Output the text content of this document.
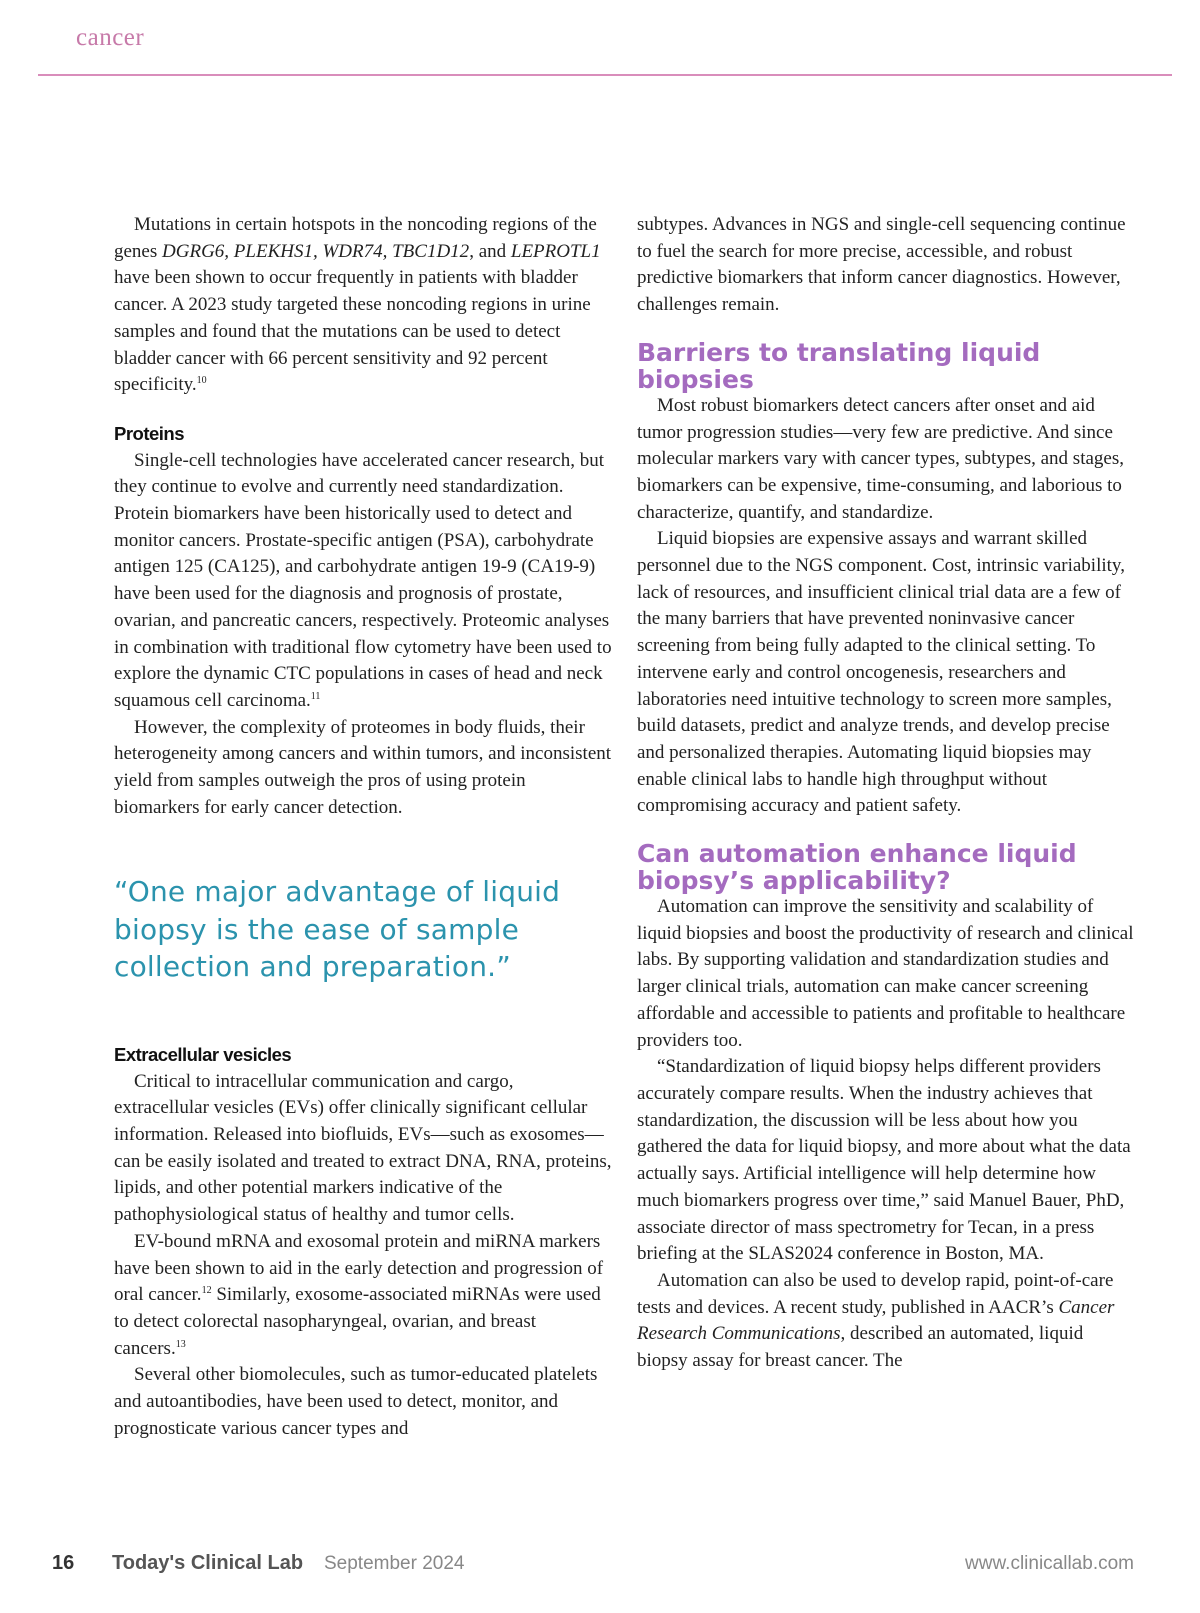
cancer

Mutations in certain hotspots in the noncoding regions of the genes DGRG6, PLEKHS1, WDR74, TBC1D12, and LEPROTL1 have been shown to occur frequently in patients with bladder cancer. A 2023 study targeted these noncoding regions in urine samples and found that the mutations can be used to detect bladder cancer with 66 percent sensitivity and 92 percent specificity.$^{10}$

Proteins

Single-cell technologies have accelerated cancer research, but they continue to evolve and currently need standardization. Protein biomarkers have been historically used to detect and monitor cancers. Prostate-specific antigen (PSA), carbohydrate antigen 125 (CA125), and carbohydrate antigen 19-9 (CA19-9) have been used for the diagnosis and prognosis of prostate, ovarian, and pancreatic cancers, respectively. Proteomic analyses in combination with traditional flow cytometry have been used to explore the dynamic CTC populations in cases of head and neck squamous cell carcinoma.$^{11}$

However, the complexity of proteomes in body fluids, their heterogeneity among cancers and within tumors, and inconsistent yield from samples outweigh the pros of using protein biomarkers for early cancer detection.

“One major advantage of liquid biopsy is the ease of sample collection and preparation.”
Extracellular vesicles

Critical to intracellular communication and cargo, extracellular vesicles (EVs) offer clinically significant cellular information. Released into biofluids, EVs—such as exosomes—can be easily isolated and treated to extract DNA, RNA, proteins, lipids, and other potential markers indicative of the pathophysiological status of healthy and tumor cells.

EV-bound mRNA and exosomal protein and miRNA markers have been shown to aid in the early detection and progression of oral cancer.$^{12}$ Similarly, exosome-associated miRNAs were used to detect colorectal nasopharyngeal, ovarian, and breast cancers.$^{13}$

Several other biomolecules, such as tumor-educated platelets and autoantibodies, have been used to detect, monitor, and prognosticate various cancer types and

subtypes. Advances in NGS and single-cell sequencing continue to fuel the search for more precise, accessible, and robust predictive biomarkers that inform cancer diagnostics. However, challenges remain.

Barriers to translating liquid biopsies

Most robust biomarkers detect cancers after onset and aid tumor progression studies—very few are predictive. And since molecular markers vary with cancer types, subtypes, and stages, biomarkers can be expensive, time-consuming, and laborious to characterize, quantify, and standardize.

Liquid biopsies are expensive assays and warrant skilled personnel due to the NGS component. Cost, intrinsic variability, lack of resources, and insufficient clinical trial data are a few of the many barriers that have prevented noninvasive cancer screening from being fully adapted to the clinical setting. To intervene early and control oncogenesis, researchers and laboratories need intuitive technology to screen more samples, build datasets, predict and analyze trends, and develop precise and personalized therapies. Automating liquid biopsies may enable clinical labs to handle high throughput without compromising accuracy and patient safety.

Can automation enhance liquid biopsy’s applicability?

Automation can improve the sensitivity and scalability of liquid biopsies and boost the productivity of research and clinical labs. By supporting validation and standardization studies and larger clinical trials, automation can make cancer screening affordable and accessible to patients and profitable to healthcare providers too.

“Standardization of liquid biopsy helps different providers accurately compare results. When the industry achieves that standardization, the discussion will be less about how you gathered the data for liquid biopsy, and more about what the data actually says. Artificial intelligence will help determine how much biomarkers progress over time,” said Manuel Bauer, PhD, associate director of mass spectrometry for Tecan, in a press briefing at the SLAS2024 conference in Boston, MA.

Automation can also be used to develop rapid, point-of-care tests and devices. A recent study, published in AACR’s Cancer Research Communications, described an automated, liquid biopsy assay for breast cancer. The

16 Today's Clinical Lab September 2024	www.clinicallab.com
